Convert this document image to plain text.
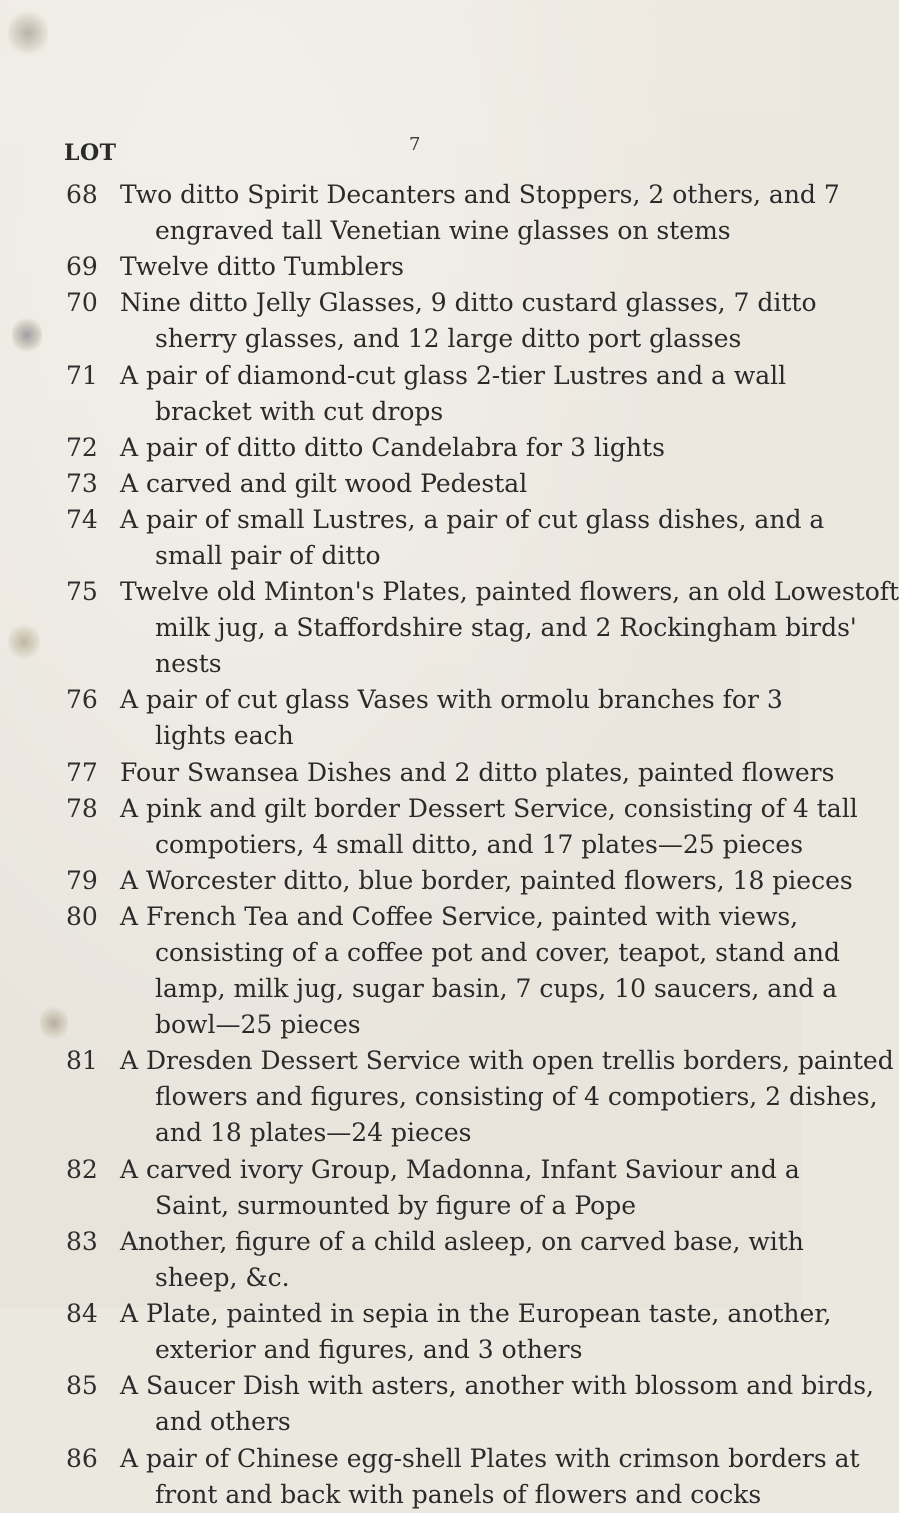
7
LOT
68 Two ditto Spirit Decanters and Stoppers, 2 others, and 7
engraved tall Venetian wine glasses on stems
69 Twelve ditto Tumblers
70 Nine ditto Jelly Glasses, 9 ditto custard glasses, 7 ditto
sherry glasses, and 12 large ditto port glasses
71 A pair of diamond-cut glass 2-tier Lustres and a wall
bracket with cut drops
72 A pair of ditto ditto Candelabra for 3 lights
73 A carved and gilt wood Pedestal
74 A pair of small Lustres, a pair of cut glass dishes, and a
small pair of ditto
75 Twelve old Minton's Plates, painted flowers, an old Lowestoft
milk jug, a Staffordshire stag, and 2 Rockingham birds'
nests
76 A pair of cut glass Vases with ormolu branches for 3
lights each
77 Four Swansea Dishes and 2 ditto plates, painted flowers
78 A pink and gilt border Dessert Service, consisting of 4 tall
compotiers, 4 small ditto, and 17 plates—25 pieces
79 A Worcester ditto, blue border, painted flowers, 18 pieces
80 A French Tea and Coffee Service, painted with views,
consisting of a coffee pot and cover, teapot, stand and
lamp, milk jug, sugar basin, 7 cups, 10 saucers, and a
bowl—25 pieces
81 A Dresden Dessert Service with open trellis borders, painted
flowers and figures, consisting of 4 compotiers, 2 dishes,
and 18 plates—24 pieces
82 A carved ivory Group, Madonna, Infant Saviour and a
Saint, surmounted by figure of a Pope
83 Another, figure of a child asleep, on carved base, with
sheep, &c.
84 A Plate, painted in sepia in the European taste, another,
exterior and figures, and 3 others
85 A Saucer Dish with asters, another with blossom and birds,
and others
86 A pair of Chinese egg-shell Plates with crimson borders at
front and back with panels of flowers and cocks
